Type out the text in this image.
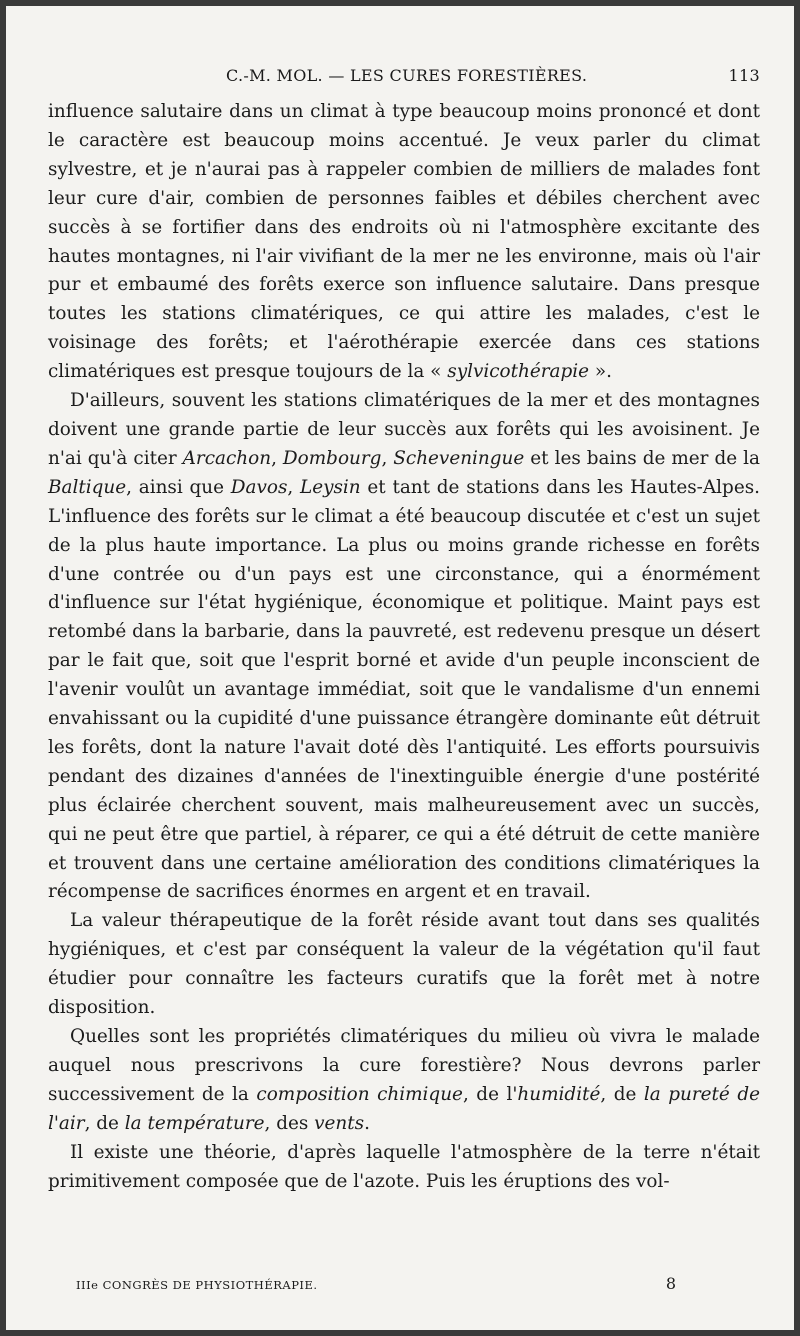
C.-M. MOL. — LES CURES FORESTIÈRES.	113

influence salutaire dans un climat à type beaucoup moins prononcé et dont le caractère est beaucoup moins accentué. Je veux parler du climat sylvestre, et je n'aurai pas à rappeler combien de milliers de malades font leur cure d'air, combien de personnes faibles et débiles cherchent avec succès à se fortifier dans des endroits où ni l'atmosphère excitante des hautes montagnes, ni l'air vivifiant de la mer ne les environne, mais où l'air pur et embaumé des forêts exerce son influence salutaire. Dans presque toutes les stations climatériques, ce qui attire les malades, c'est le voisinage des forêts; et l'aérothérapie exercée dans ces stations climatériques est presque toujours de la « sylvicothérapie ».

D'ailleurs, souvent les stations climatériques de la mer et des montagnes doivent une grande partie de leur succès aux forêts qui les avoisinent. Je n'ai qu'à citer Arcachon, Dombourg, Scheveningue et les bains de mer de la Baltique, ainsi que Davos, Leysin et tant de stations dans les Hautes-Alpes. L'influence des forêts sur le climat a été beaucoup discutée et c'est un sujet de la plus haute importance. La plus ou moins grande richesse en forêts d'une contrée ou d'un pays est une circonstance, qui a énormément d'influence sur l'état hygiénique, économique et politique. Maint pays est retombé dans la barbarie, dans la pauvreté, est redevenu presque un désert par le fait que, soit que l'esprit borné et avide d'un peuple inconscient de l'avenir voulût un avantage immédiat, soit que le vandalisme d'un ennemi envahissant ou la cupidité d'une puissance étrangère dominante eût détruit les forêts, dont la nature l'avait doté dès l'antiquité. Les efforts poursuivis pendant des dizaines d'années de l'inextinguible énergie d'une postérité plus éclairée cherchent souvent, mais malheureusement avec un succès, qui ne peut être que partiel, à réparer, ce qui a été détruit de cette manière et trouvent dans une certaine amélioration des conditions climatériques la récompense de sacrifices énormes en argent et en travail.

La valeur thérapeutique de la forêt réside avant tout dans ses qualités hygiéniques, et c'est par conséquent la valeur de la végétation qu'il faut étudier pour connaître les facteurs curatifs que la forêt met à notre disposition.

Quelles sont les propriétés climatériques du milieu où vivra le malade auquel nous prescrivons la cure forestière? Nous devrons parler successivement de la composition chimique, de l'humidité, de la pureté de l'air, de la température, des vents.

Il existe une théorie, d'après laquelle l'atmosphère de la terre n'était primitivement composée que de l'azote. Puis les éruptions des vol-

IIIe CONGRÈS DE PHYSIOTHÉRAPIE.	8
